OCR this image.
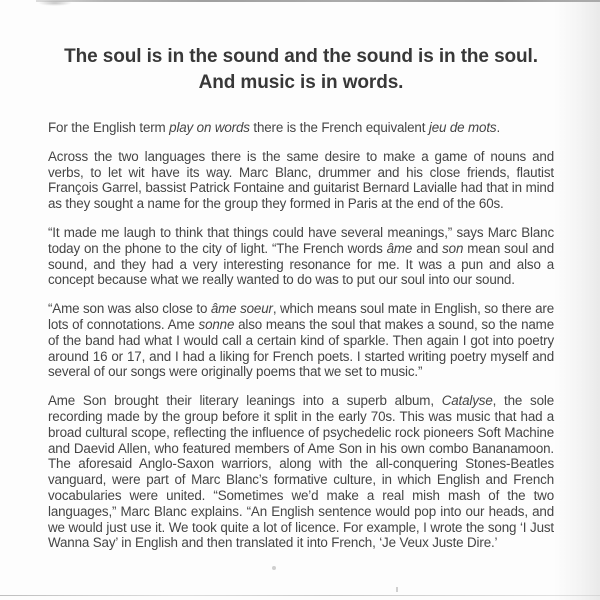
The soul is in the sound and the sound is in the soul.
And music is in words.

For the English term play on words there is the French equivalent jeu de mots.

Across the two languages there is the same desire to make a game of nouns and verbs, to let wit have its way. Marc Blanc, drummer and his close friends, flautist François Garrel, bassist Patrick Fontaine and guitarist Bernard Lavialle had that in mind as they sought a name for the group they formed in Paris at the end of the 60s.

“It made me laugh to think that things could have several meanings,” says Marc Blanc today on the phone to the city of light. “The French words âme and son mean soul and sound, and they had a very interesting resonance for me. It was a pun and also a concept because what we really wanted to do was to put our soul into our sound.

“Ame son was also close to âme soeur, which means soul mate in English, so there are lots of connotations. Ame sonne also means the soul that makes a sound, so the name of the band had what I would call a certain kind of sparkle. Then again I got into poetry around 16 or 17, and I had a liking for French poets. I started writing poetry myself and several of our songs were originally poems that we set to music.”

Ame Son brought their literary leanings into a superb album, Catalyse, the sole recording made by the group before it split in the early 70s. This was music that had a broad cultural scope, reflecting the influence of psychedelic rock pioneers Soft Machine and Daevid Allen, who featured members of Ame Son in his own combo Bananamoon. The aforesaid Anglo-Saxon warriors, along with the all-conquering Stones-Beatles vanguard, were part of Marc Blanc’s formative culture, in which English and French vocabularies were united. “Sometimes we’d make a real mish mash of the two languages,” Marc Blanc explains. “An English sentence would pop into our heads, and we would just use it. We took quite a lot of licence. For example, I wrote the song ‘I Just Wanna Say’ in English and then translated it into French, ‘Je Veux Juste Dire.’
